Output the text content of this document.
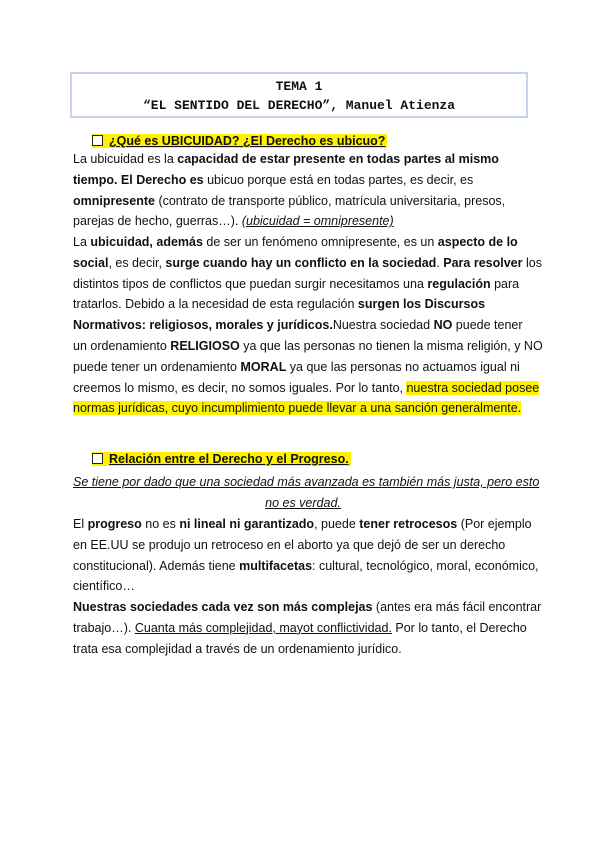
TEMA 1
“EL SENTIDO DEL DERECHO”, Manuel Atienza
¿Qué es UBICUIDAD? ¿El Derecho es ubicuo?
La ubicuidad es la capacidad de estar presente en todas partes al mismo
tiempo. El Derecho es ubicuo porque está en todas partes, es decir, es
omnipresente (contrato de transporte público, matrícula universitaria, presos,
parejas de hecho, guerras…). (ubicuidad = omnipresente)
La ubicuidad, además de ser un fenómeno omnipresente, es un aspecto de lo
social, es decir, surge cuando hay un conflicto en la sociedad. Para resolver los
distintos tipos de conflictos que puedan surgir necesitamos una regulación para
tratarlos. Debido a la necesidad de esta regulación surgen los Discursos
Normativos: religiosos, morales y jurídicos.Nuestra sociedad NO puede tener
un ordenamiento RELIGIOSO ya que las personas no tienen la misma religión, y NO
puede tener un ordenamiento MORAL ya que las personas no actuamos igual ni
creemos lo mismo, es decir, no somos iguales. Por lo tanto, nuestra sociedad posee
normas jurídicas, cuyo incumplimiento puede llevar a una sanción generalmente.
Relación entre el Derecho y el Progreso.
Se tiene por dado que una sociedad más avanzada es también más justa, pero esto
no es verdad.
El progreso no es ni lineal ni garantizado, puede tener retrocesos (Por ejemplo
en EE.UU se produjo un retroceso en el aborto ya que dejó de ser un derecho
constitucional). Además tiene multifacetas: cultural, tecnológico, moral, económico,
científico…
Nuestras sociedades cada vez son más complejas (antes era más fácil encontrar
trabajo…). Cuanta más complejidad, mayot conflictividad. Por lo tanto, el Derecho
trata esa complejidad a través de un ordenamiento jurídico.
